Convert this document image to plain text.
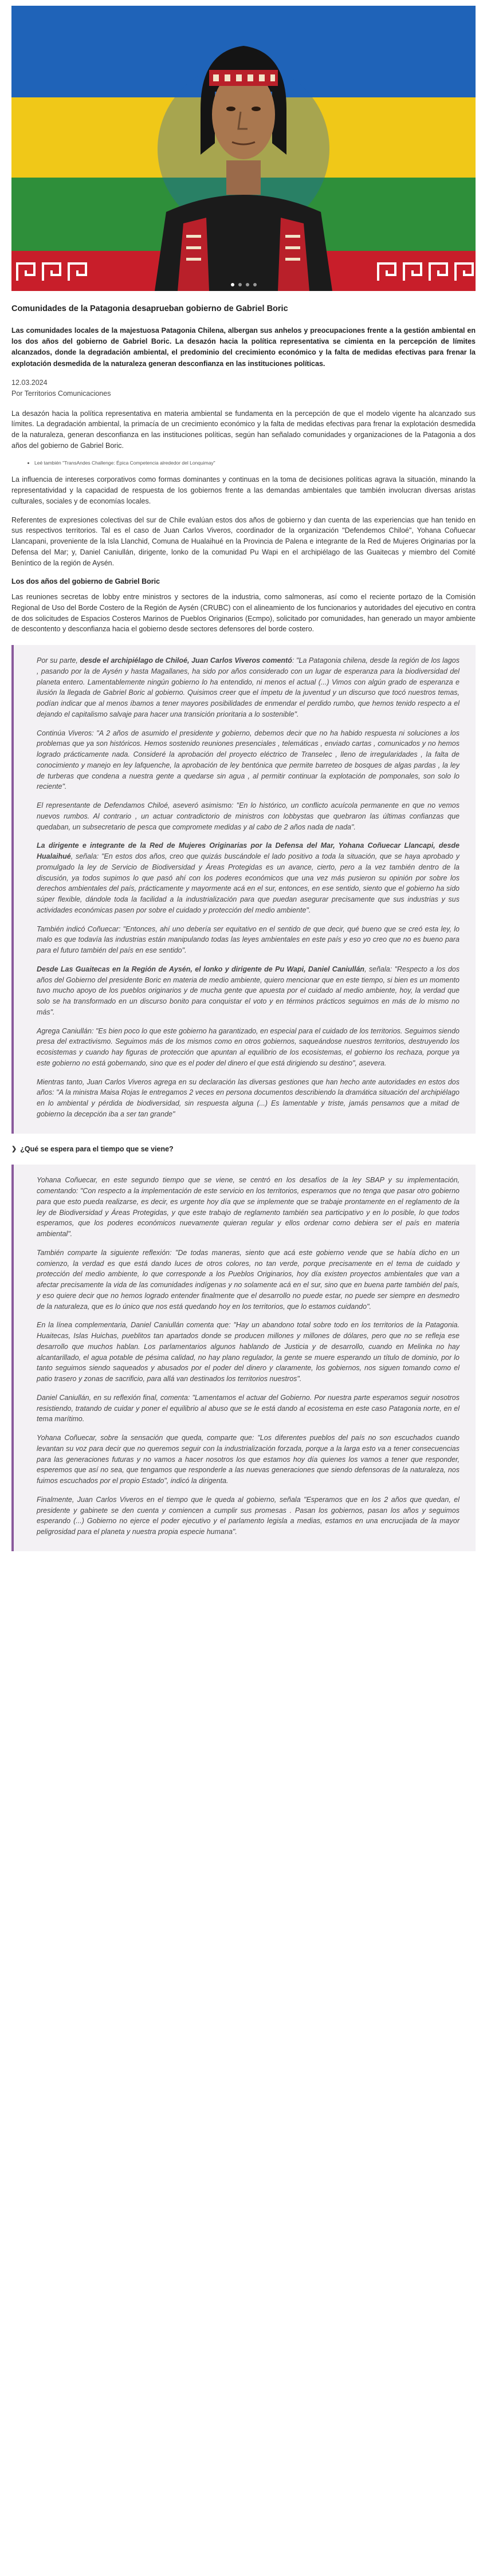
Comunidades de la Patagonia desaprueban gobierno de Gabriel Boric

Las comunidades locales de la majestuosa Patagonia Chilena, albergan sus anhelos y preocupaciones frente a la gestión ambiental en los dos años del gobierno de Gabriel Boric. La desazón hacia la política representativa se cimienta en la percepción de límites alcanzados, donde la degradación ambiental, el predominio del crecimiento económico y la falta de medidas efectivas para frenar la explotación desmedida de la naturaleza generan desconfianza en las instituciones políticas.

12.03.2024
Por Territorios Comunicaciones

La desazón hacia la política representativa en materia ambiental se fundamenta en la percepción de que el modelo vigente ha alcanzado sus límites. La degradación ambiental, la primacía de un crecimiento económico y la falta de medidas efectivas para frenar la explotación desmedida de la naturaleza, generan desconfianza en las instituciones políticas, según han señalado comunidades y organizaciones de la Patagonia a dos años del gobierno de Gabriel Boric.

• Leé también "TransAndes Challenge: Épica Competencia alrededor del Lonquimay"

La influencia de intereses corporativos como formas dominantes y continuas en la toma de decisiones políticas agrava la situación, minando la representatividad y la capacidad de respuesta de los gobiernos frente a las demandas ambientales que también involucran diversas aristas culturales, sociales y de economías locales.

Referentes de expresiones colectivas del sur de Chile evalúan estos dos años de gobierno y dan cuenta de las experiencias que han tenido en sus respectivos territorios. Tal es el caso de Juan Carlos Viveros, coordinador de la organización "Defendemos Chiloé", Yohana Coñuecar Llancapani, proveniente de la Isla Llanchid, Comuna de Hualaihué en la Provincia de Palena e integrante de la Red de Mujeres Originarias por la Defensa del Mar; y, Daniel Caniullán, dirigente, lonko de la comunidad Pu Wapi en el archipiélago de las Guaitecas y miembro del Comité Beníntico de la región de Aysén.

Los dos años del gobierno de Gabriel Boric

Las reuniones secretas de lobby entre ministros y sectores de la industria, como salmoneras, así como el reciente portazo de la Comisión Regional de Uso del Borde Costero de la Región de Aysén (CRUBC) con el alineamiento de los funcionarios y autoridades del ejecutivo en contra de dos solicitudes de Espacios Costeros Marinos de Pueblos Originarios (Ecmpo), solicitado por comunidades, han generado un mayor ambiente de descontento y desconfianza hacia el gobierno desde sectores defensores del borde costero.

Por su parte, desde el archipiélago de Chiloé, Juan Carlos Viveros comentó: "La Patagonia chilena, desde la región de los lagos , pasando por la de Aysén y hasta Magallanes, ha sido por años considerado con un lugar de esperanza para la biodiversidad del planeta entero. Lamentablemente ningún gobierno lo ha entendido, ni menos el actual (...) Vimos con algún grado de esperanza e ilusión la llegada de Gabriel Boric al gobierno. Quisimos creer que el ímpetu de la juventud y un discurso que tocó nuestros temas, podían indicar que al menos íbamos a tener mayores posibilidades de enmendar el perdido rumbo, que hemos tenido respecto a el dejando el capitalismo salvaje para hacer una transición prioritaria a lo sostenible".

Continúa Viveros: "A 2 años de asumido el presidente y gobierno, debemos decir que no ha habido respuesta ni soluciones a los problemas que ya son históricos. Hemos sostenido reuniones presenciales , telemáticas , enviado cartas , comunicados y no hemos logrado prácticamente nada. Consideré la aprobación del proyecto eléctrico de Transelec , lleno de irregularidades , la falta de conocimiento y manejo en ley lafquenche, la aprobación de ley bentónica que permite barreteo de bosques de algas pardas , la ley de turberas que condena a nuestra gente a quedarse sin agua , al permitir continuar la explotación de pomponales, son solo lo reciente".

El representante de Defendamos Chiloé, aseveró asimismo: "En lo histórico, un conflicto acuícola permanente en que no vemos nuevos rumbos. Al contrario , un actuar contradictorio de ministros con lobbystas que quebraron las últimas confianzas que quedaban, un subsecretario de pesca que compromete medidas y al cabo de 2 años nada de nada".

La dirigente e integrante de la Red de Mujeres Originarias por la Defensa del Mar, Yohana Coñuecar Llancapi, desde Hualaihué, señala: "En estos dos años, creo que quizás buscándole el lado positivo a toda la situación, que se haya aprobado y promulgado la ley de Servicio de Biodiversidad y Áreas Protegidas es un avance, cierto, pero a la vez también dentro de la discusión, ya todos supimos lo que pasó ahí con los poderes económicos que una vez más pusieron su opinión por sobre los derechos ambientales del país, prácticamente y mayormente acá en el sur, entonces, en ese sentido, siento que el gobierno ha sido súper flexible, dándole toda la facilidad a la industrialización para que puedan asegurar precisamente que sus industrias y sus actividades económicas pasen por sobre el cuidado y protección del medio ambiente".

También indicó Coñuecar: "Entonces, ahí uno debería ser equitativo en el sentido de que decir, qué bueno que se creó esta ley, lo malo es que todavía las industrias están manipulando todas las leyes ambientales en este país y eso yo creo que no es bueno para para el futuro también del país en ese sentido".

Desde Las Guaitecas en la Región de Aysén, el lonko y dirigente de Pu Wapi, Daniel Caniullán, señala: "Respecto a los dos años del Gobierno del presidente Boric en materia de medio ambiente, quiero mencionar que en este tiempo, si bien es un momento tuvo mucho apoyo de los pueblos originarios y de mucha gente que apuesta por el cuidado al medio ambiente, hoy, la verdad que solo se ha transformado en un discurso bonito para conquistar el voto y en términos prácticos seguimos en más de lo mismo no más".

Agrega Caniullán: "Es bien poco lo que este gobierno ha garantizado, en especial para el cuidado de los territorios. Seguimos siendo presa del extractivismo. Seguimos más de los mismos como en otros gobiernos, saqueándose nuestros territorios, destruyendo los ecosistemas y cuando hay figuras de protección que apuntan al equilibrio de los ecosistemas, el gobierno los rechaza, porque ya este gobierno no está gobernando, sino que es el poder del dinero el que está dirigiendo su destino", asevera.

Mientras tanto, Juan Carlos Viveros agrega en su declaración las diversas gestiones que han hecho ante autoridades en estos dos años: "A la ministra Maisa Rojas le entregamos 2 veces en persona documentos describiendo la dramática situación del archipiélago en lo ambiental y pérdida de biodiversidad, sin respuesta alguna (...) Es lamentable y triste, jamás pensamos que a mitad de gobierno la decepción iba a ser tan grande"

❯ ¿Qué se espera para el tiempo que se viene?

Yohana Coñuecar, en este segundo tiempo que se viene, se centró en los desafíos de la ley SBAP y su implementación, comentando: "Con respecto a la implementación de este servicio en los territorios, esperamos que no tenga que pasar otro gobierno para que esto pueda realizarse, es decir, es urgente hoy día que se implemente que se trabaje prontamente en el reglamento de la ley de Biodiversidad y Áreas Protegidas, y que este trabajo de reglamento también sea participativo y en lo posible, lo que todos esperamos, que los poderes económicos nuevamente quieran regular y ellos ordenar como debiera ser el país en materia ambiental".

También comparte la siguiente reflexión: "De todas maneras, siento que acá este gobierno vende que se había dicho en un comienzo, la verdad es que está dando luces de otros colores, no tan verde, porque precisamente en el tema de cuidado y protección del medio ambiente, lo que corresponde a los Pueblos Originarios, hoy día existen proyectos ambientales que van a afectar precisamente la vida de las comunidades indígenas y no solamente acá en el sur, sino que en buena parte también del país, y eso quiere decir que no hemos logrado entender finalmente que el desarrollo no puede estar, no puede ser siempre en desmedro de la naturaleza, que es lo único que nos está quedando hoy en los territorios, que lo estamos cuidando".

En la línea complementaria, Daniel Caniullán comenta que: "Hay un abandono total sobre todo en los territorios de la Patagonia. Huaitecas, Islas Huichas, pueblitos tan apartados donde se producen millones y millones de dólares, pero que no se refleja ese desarrollo que muchos hablan. Los parlamentarios algunos hablando de Justicia y de desarrollo, cuando en Melinka no hay alcantarillado, el agua potable de pésima calidad, no hay plano regulador, la gente se muere esperando un título de dominio, por lo tanto seguimos siendo saqueados y abusados por el poder del dinero y claramente, los gobiernos, nos siguen tomando como el patio trasero y zonas de sacrificio, para allá van destinados los territorios nuestros".

Daniel Caniullán, en su reflexión final, comenta: "Lamentamos el actuar del Gobierno. Por nuestra parte esperamos seguir nosotros resistiendo, tratando de cuidar y poner el equilibrio al abuso que se le está dando al ecosistema en este caso Patagonia norte, en el tema marítimo.

Yohana Coñuecar, sobre la sensación que queda, comparte que: "Los diferentes pueblos del país no son escuchados cuando levantan su voz para decir que no queremos seguir con la industrialización forzada, porque a la larga esto va a tener consecuencias para las generaciones futuras y no vamos a hacer nosotros los que estamos hoy día quienes los vamos a tener que responder, esperemos que así no sea, que tengamos que responderle a las nuevas generaciones que siendo defensoras de la naturaleza, nos fuimos escuchados por el propio Estado", indicó la dirigenta.

Finalmente, Juan Carlos Viveros en el tiempo que le queda al gobierno, señala "Esperamos que en los 2 años que quedan, el presidente y gabinete se den cuenta y comiencen a cumplir sus promesas . Pasan los gobiernos, pasan los años y seguimos esperando (...) Gobierno no ejerce el poder ejecutivo y el parlamento legisla a medias, estamos en una encrucijada de la mayor peligrosidad para el planeta y nuestra propia especie humana".
